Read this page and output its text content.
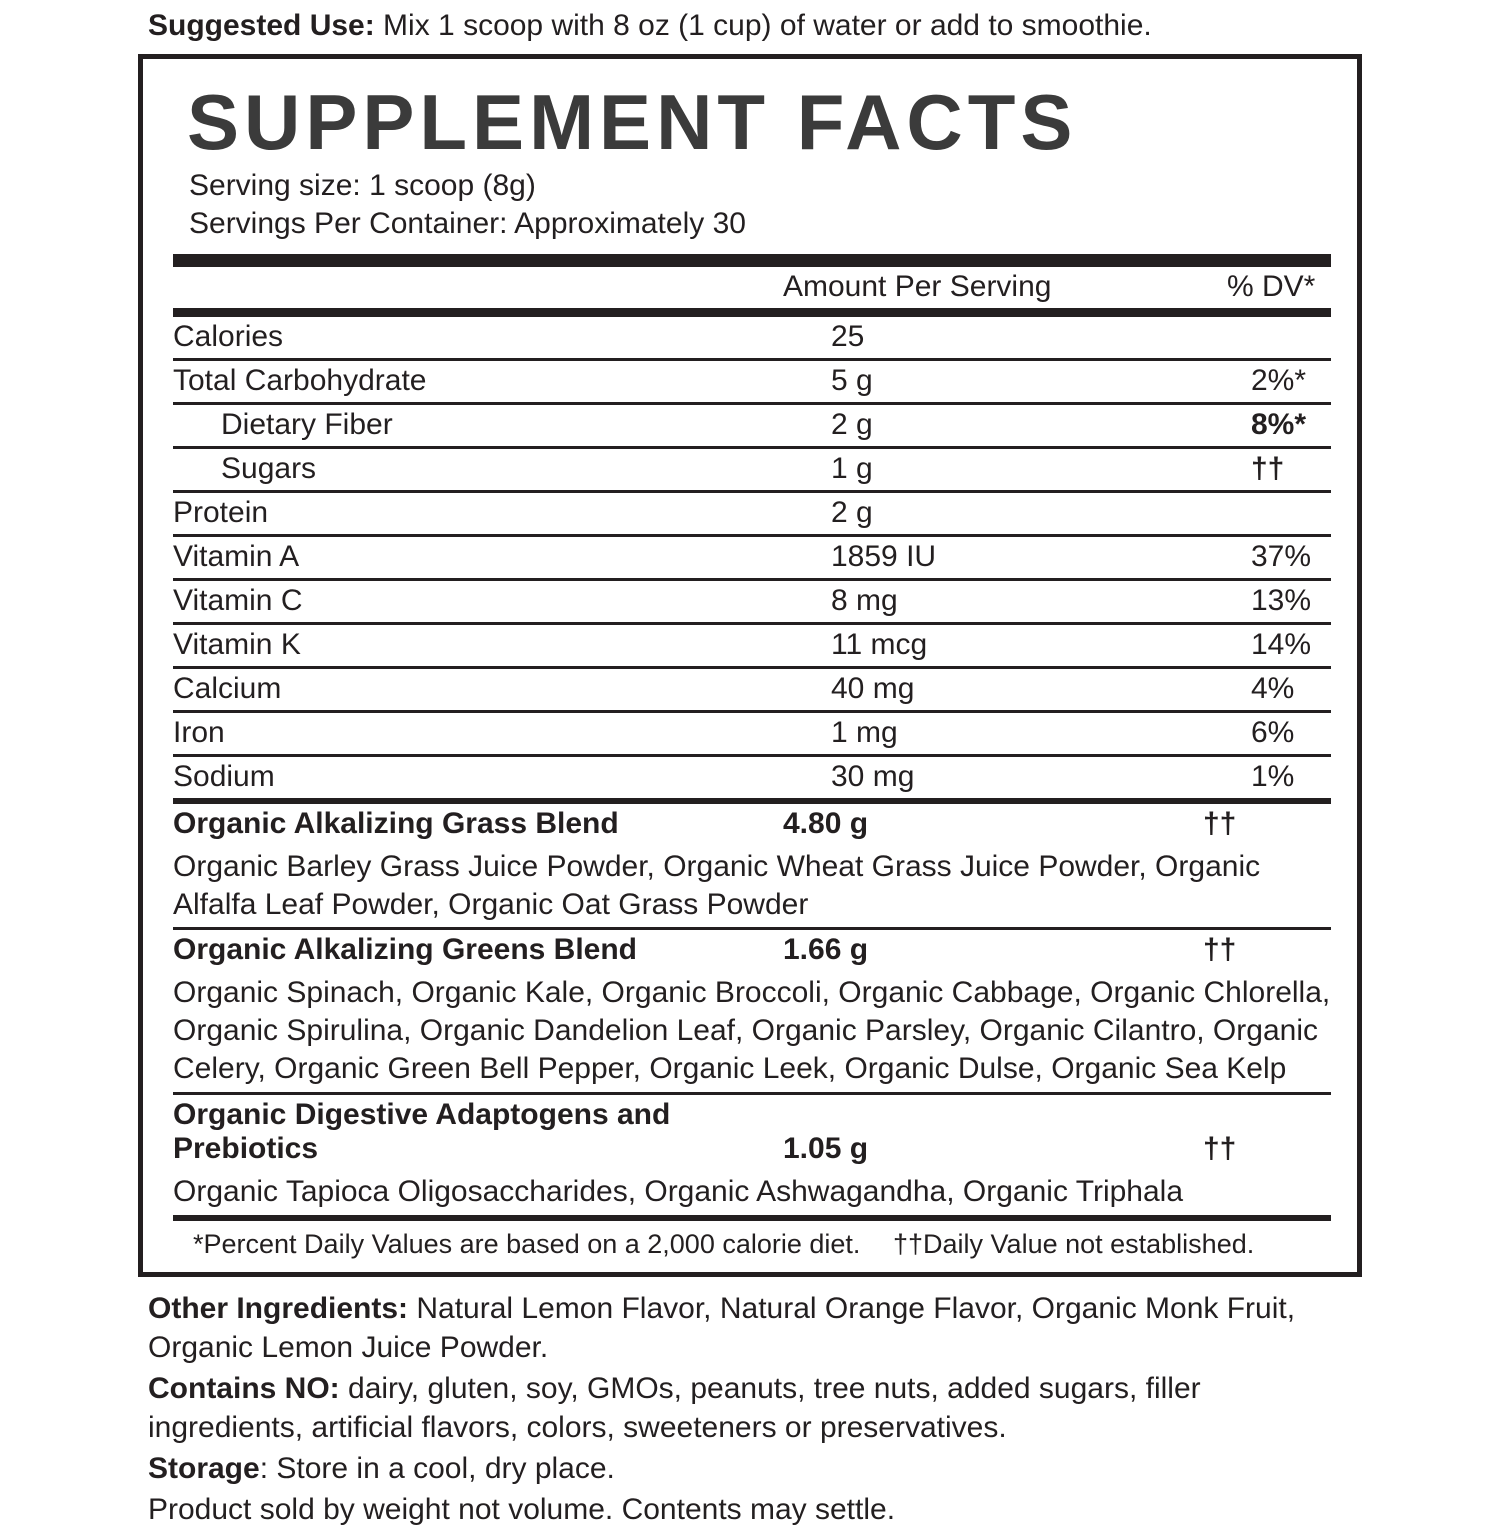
Suggested Use: Mix 1 scoop with 8 oz (1 cup) of water or add to smoothie.
SUPPLEMENT FACTS
Serving size: 1 scoop (8g)
Servings Per Container: Approximately 30
	Amount Per Serving	% DV*
Calories	25	
Total Carbohydrate	5 g	2%*
Dietary Fiber	2 g	8%*
Sugars	1 g	††
Protein	2 g	
Vitamin A	1859 IU	37%
Vitamin C	8 mg	13%
Vitamin K	11 mcg	14%
Calcium	40 mg	4%
Iron	1 mg	6%
Sodium	30 mg	1%
Organic Alkalizing Grass Blend	4.80 g	††
Organic Barley Grass Juice Powder, Organic Wheat Grass Juice Powder, Organic Alfalfa Leaf Powder, Organic Oat Grass Powder		
Organic Alkalizing Greens Blend	1.66 g	††
Organic Spinach, Organic Kale, Organic Broccoli, Organic Cabbage, Organic Chlorella, Organic Spirulina, Organic Dandelion Leaf, Organic Parsley, Organic Cilantro, Organic Celery, Organic Green Bell Pepper, Organic Leek, Organic Dulse, Organic Sea Kelp		
Organic Digestive Adaptogens and Prebiotics	1.05 g	††
Organic Tapioca Oligosaccharides, Organic Ashwagandha, Organic Triphala		
*Percent Daily Values are based on a 2,000 calorie diet.	††Daily Value not established.

Other Ingredients: Natural Lemon Flavor, Natural Orange Flavor, Organic Monk Fruit, Organic Lemon Juice Powder.

Contains NO: dairy, gluten, soy, GMOs, peanuts, tree nuts, added sugars, filler ingredients, artificial flavors, colors, sweeteners or preservatives.

Storage: Store in a cool, dry place.

Product sold by weight not volume. Contents may settle.
